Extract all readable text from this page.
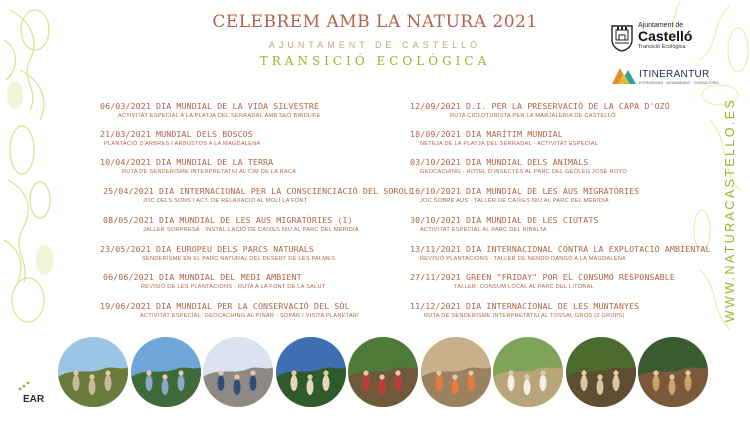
CELEBREM AMB LA NATURA 2021
AJUNTAMENT DE CASTELLÓ
TRANSICIÓ ECOLÒGICA
Ajuntament de
Castelló
Transició Ecològica
ITINERANTUR
ESTRATÈGIES · MEDIAMBIENT · CONSULTORIA
WWW.NATURACASTELLO.ES
06/03/2021 DIA MUNDIAL DE LA VIDA SILVESTRE
ACTIVITAT ESPECIAL A LA PLATJA DEL SERRADAL AMB SEO BIRDLIFE
21/03/2021 MUNDIAL DELS BOSCOS
PLANTACIÓ D'ARBRES I ARBUSTOS A LA MAGDALENA
10/04/2021 DIA MUNDIAL DE LA TERRA
RUTA DE SENDERISME INTERPRETATIU AL CIM DE LA RACA
25/04/2021 DIA INTERNACIONAL PER LA CONSCIENCIACIÓ DEL SOROLL
JOC DELS SONS I ACT. DE RELAXACIÓ AL MOLÍ LA FONT
08/05/2021 DIA MUNDIAL DE LES AUS MIGRATÒRIES (I)
JALLER SORPRESA · INSTAL·LACIÓ DE CAIXES NIU AL PARC DEL MERIDIÀ
23/05/2021 DIA EUROPEU DELS PARCS NATURALS
SENDERISME EN EL PARC NATURAL DEL DESERT DE LES PALMES
06/06/2021 DIA MUNDIAL DEL MEDI AMBIENT
REVISIÓ DE LES PLANTACIONS · RUTA A LA FONT DE LA SALUT
19/06/2021 DIA MUNDIAL PER LA CONSERVACIÓ DEL SÒL
ACTIVITAT ESPECIAL: GEOCACHING AL PINAR · SOPAR I VISITA PLANETARI
12/09/2021 D.I. PER LA PRESERVACIÓ DE LA CAPA D'OZÓ
RUTA CICLOTURISTA PER LA MARJALERIA DE CASTELLÓ
18/09/2021 DIA MARÍTIM MUNDIAL
NETEJA DE LA PLATJA DEL SERRADAL · ACTIVITAT ESPECIAL
03/10/2021 DIA MUNDIAL DELS ANIMALS
GEOCACHING · HOTEL D'INSECTES AL PARC DEL GEÒLEG JOSÉ ROYO
16/10/2021 DIA MUNDIAL DE LES AUS MIGRATÒRIES
JOC SOBRE AUS · TALLER DE CAIXES NIU AL PARC DEL MERIDIÀ
30/10/2021 DIA MUNDIAL DE LES CIUTATS
ACTIVITAT ESPECIAL AL PARC DEL RIBALTA
13/11/2021 DIA INTERNACIONAL CONTRA LA EXPLOTACIÓ AMBIENTAL
REVISIÓ PLANTACIONS · TALLER DE NENDO DANGO A LA MAGDALENA
27/11/2021 GREEN "FRIDAY" POR EL CONSUMO RESPONSABLE
TALLER: CONSUM LOCAL AL PARC DEL LITORAL
11/12/2021 DIA INTERNACIONAL DE LES MUNTANYES
RUTA DE SENDERISME INTERPRETATIU AL TOSSAL GROS (2 GRUPS)
EAR
